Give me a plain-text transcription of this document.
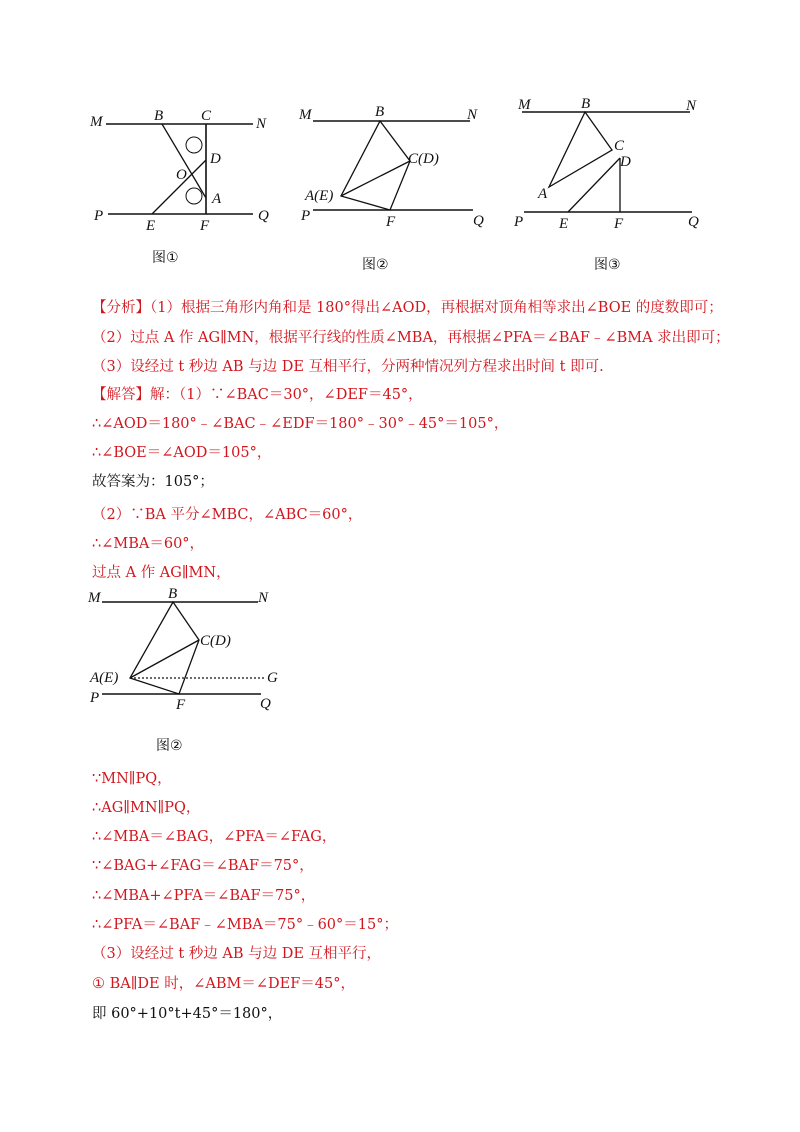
M	B	C	N
D
O
A
P
E	F
Q
图①
M	B	N
C(D)
A(E)
P	F	Q
图②
M	B	N
C
D
A
P E	F	Q
图③
【分析】（1）根据三角形内角和是 180°得出∠AOD，再根据对顶角相等求出∠BOE 的度数即可；
（2）过点 A 作 AG∥MN，根据平行线的性质∠MBA，再根据∠PFA＝∠BAF﹣∠BMA 求出即可；
（3）设经过 t 秒边 AB 与边 DE 互相平行，分两种情况列方程求出时间 t 即可.
【解答】解：（1）∵∠BAC＝30°，∠DEF＝45°，
∴∠AOD＝180°﹣∠BAC﹣∠EDF＝180°﹣30°﹣45°＝105°，
∴∠BOE＝∠AOD＝105°，
故答案为：105°；
（2）∵BA 平分∠MBC，∠ABC＝60°，
∴∠MBA＝60°，
过点 A 作 AG∥MN，
M	B	N
C(D)
A(E)	G
P	F	Q
图②
∵MN∥PQ，
∴AG∥MN∥PQ，
∴∠MBA＝∠BAG，∠PFA＝∠FAG，
∵∠BAG+∠FAG＝∠BAF＝75°，
∴∠MBA+∠PFA＝∠BAF＝75°，
∴∠PFA＝∠BAF﹣∠MBA＝75°﹣60°＝15°；
（3）设经过 t 秒边 AB 与边 DE 互相平行，
① BA∥DE 时，∠ABM＝∠DEF＝45°，
即 60°+10°t+45°＝180°，
